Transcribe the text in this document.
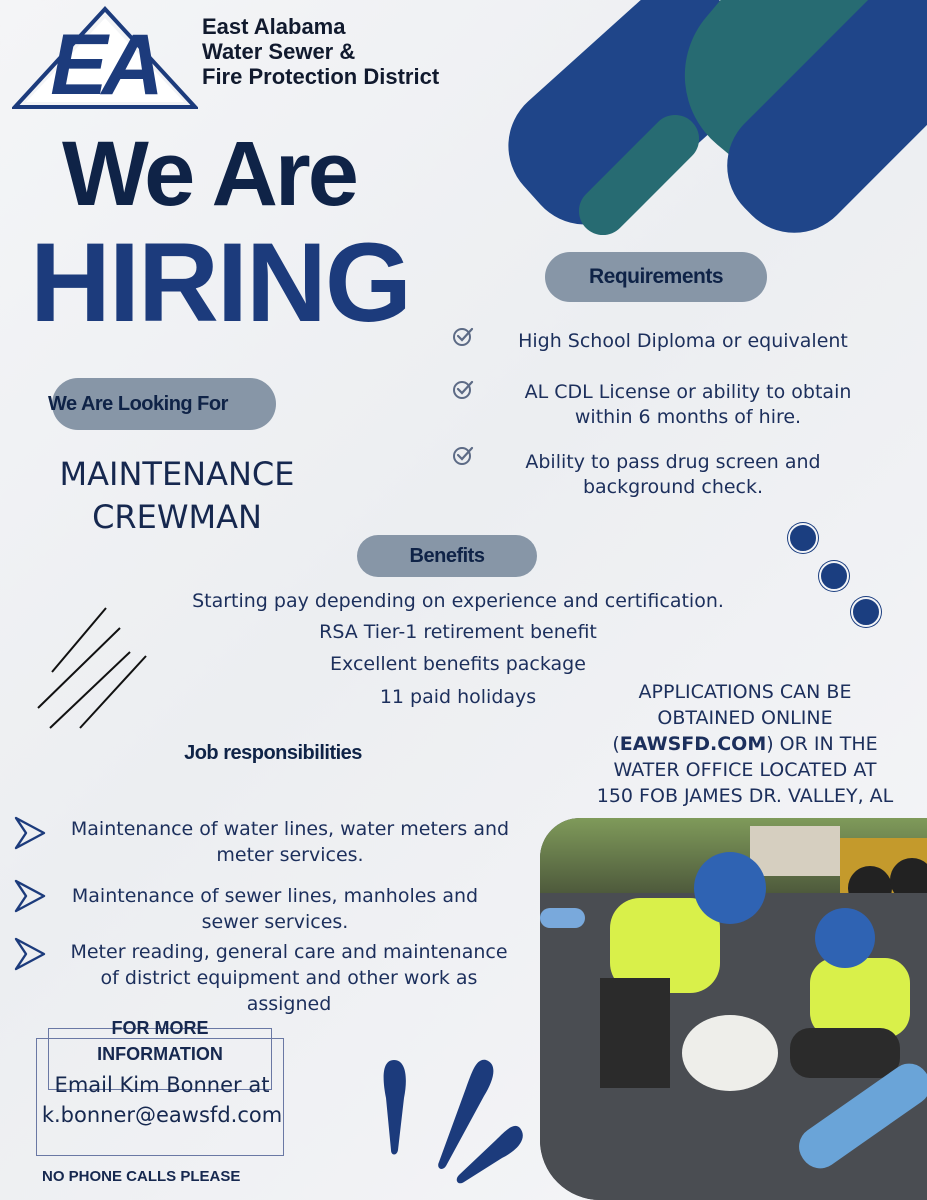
EA East Alabama
Water Sewer &
Fire Protection District
We Are
HIRING	Requirements
High School Diploma or equivalent
AL CDL License or ability to obtain
within 6 months of hire.
Ability to pass drug screen and
background check.
We Are Looking For
MAINTENANCE
CREWMAN
Benefits
Starting pay depending on experience and certification.
RSA Tier-1 retirement benefit
Excellent benefits package
11 paid holidays	APPLICATIONS CAN BE
OBTAINED ONLINE
(EAWSFD.COM) OR IN THE
WATER OFFICE LOCATED AT
150 FOB JAMES DR. VALLEY, AL
Job responsibilities
Maintenance of water lines, water meters and
meter services.
Maintenance of sewer lines, manholes and
sewer services.
Meter reading, general care and maintenance
of district equipment and other work as
assigned
FOR MORE
INFORMATION
Email Kim Bonner at
k.bonner@eawsfd.com
NO PHONE CALLS PLEASE
